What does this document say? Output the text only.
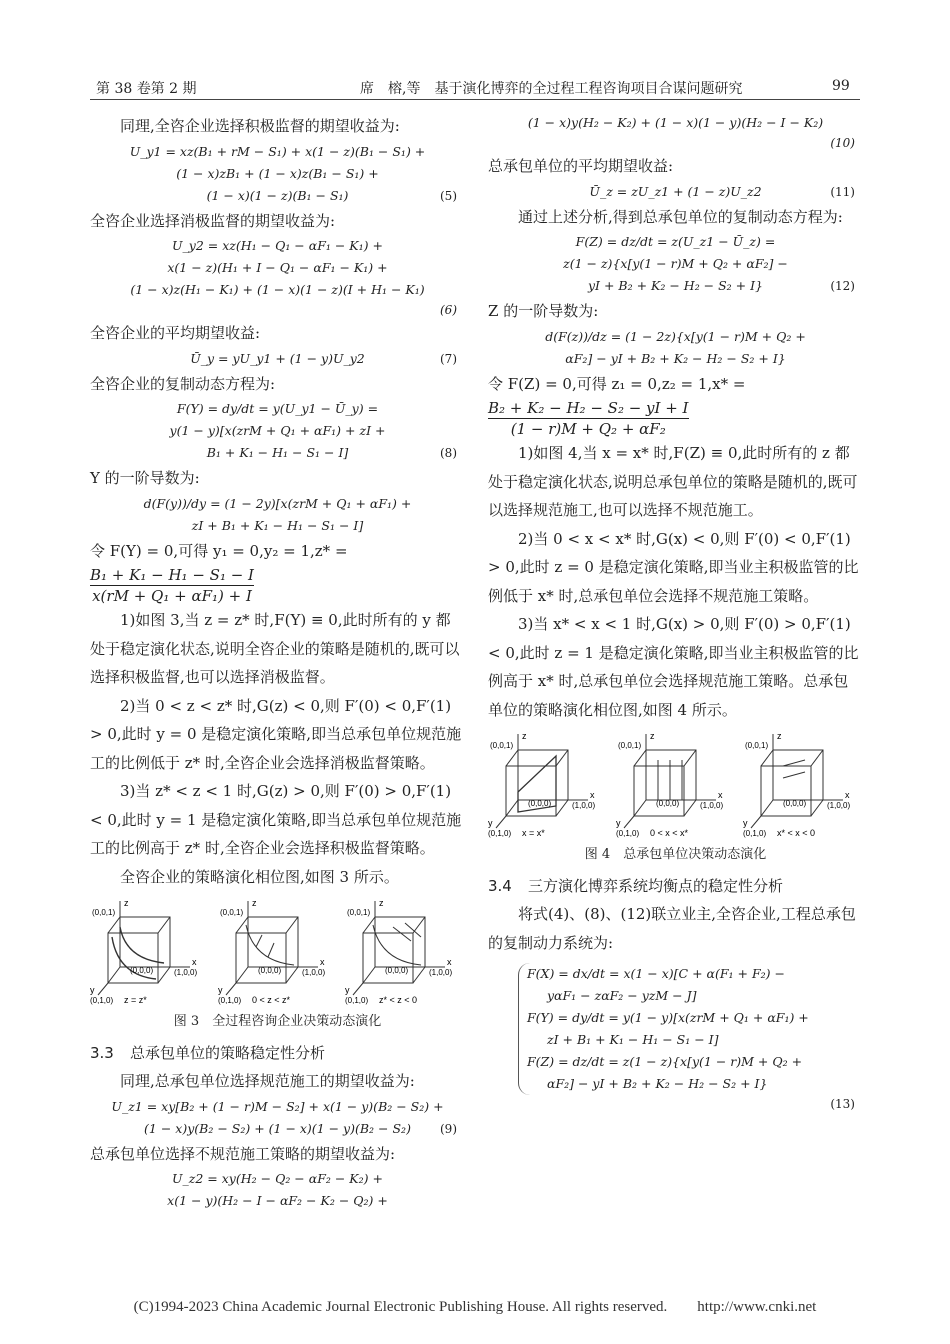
第 38 卷第 2 期	席　榕,等　 基于演化博弈的全过程工程咨询项目合谋问题研究	99

同理,全咨企业选择积极监督的期望收益为:

U_y1 = xz(B₁ + rM − S₁) + x(1 − z)(B₁ − S₁) +
(1 − x)zB₁ + (1 − x)z(B₁ − S₁) +
(1 − x)(1 − z)(B₁ − S₁)	(5)

全咨企业选择消极监督的期望收益为:

U_y2 = xz(H₁ − Q₁ − αF₁ − K₁) +
x(1 − z)(H₁ + I − Q₁ − αF₁ − K₁) +
(1 − x)z(H₁ − K₁) + (1 − x)(1 − z)(I + H₁ − K₁)
(6)

全咨企业的平均期望收益:

Ū_y = yU_y1 + (1 − y)U_y2	(7)

全咨企业的复制动态方程为:

F(Y) = dy/dt = y(U_y1 − Ū_y) =
y(1 − y)[x(zrM + Q₁ + αF₁) + zI +
B₁ + K₁ − H₁ − S₁ − I]	(8)

Y 的一阶导数为:

d(F(y))/dy = (1 − 2y)[x(zrM + Q₁ + αF₁) +
zI + B₁ + K₁ − H₁ − S₁ − I]

令 F(Y) = 0,可得 y₁ = 0,y₂ = 1,z* =

$\frac{\text{B₁ + K₁ − H₁ − S₁ − I}}{\text{x(rM + Q₁ + αF₁) + I}}$

1)如图 3,当 z = z* 时,F(Y) ≡ 0,此时所有的 y 都处于稳定演化状态,说明全咨企业的策略是随机的,既可以选择积极监督,也可以选择消极监督。

2)当 0 < z < z* 时,G(z) < 0,则 F′(0) < 0,F′(1) > 0,此时 y = 0 是稳定演化策略,即当总承包单位规范施工的比例低于 z* 时,全咨企业会选择消极监督策略。

3)当 z* < z < 1 时,G(z) > 0,则 F′(0) > 0,F′(1) < 0,此时 y = 1 是稳定演化策略,即当总承包单位规范施工的比例高于 z* 时,全咨企业会选择积极监督策略。

全咨企业的策略演化相位图,如图 3 所示。

(0,0,1)
z
(0,0,0)	(1,0,0)
x
y
(0,1,0) z = z*
(0,0,1)
z
(0,0,0)	(1,0,0)
x
y
(0,1,0) 0 < z < z*
(0,0,1)
z
(0,0,0)	(1,0,0)
x
y
(0,1,0) z* < z < 0
图 3　全过程咨询企业决策动态演化
3.3 总承包单位的策略稳定性分析

同理,总承包单位选择规范施工的期望收益为:

U_z1 = xy[B₂ + (1 − r)M − S₂] + x(1 − y)(B₂ − S₂) +
(1 − x)y(B₂ − S₂) + (1 − x)(1 − y)(B₂ − S₂) (9)

总承包单位选择不规范施工策略的期望收益为:

U_z2 = xy(H₂ − Q₂ − αF₂ − K₂) +
x(1 − y)(H₂ − I − αF₂ − K₂ − Q₂) +
(1 − x)y(H₂ − K₂) + (1 − x)(1 − y)(H₂ − I − K₂)
(10)

总承包单位的平均期望收益:

Ū_z = zU_z1 + (1 − z)U_z2	(11)

通过上述分析,得到总承包单位的复制动态方程为:

F(Z) = dz/dt = z(U_z1 − Ū_z) =
z(1 − z){x[y(1 − r)M + Q₂ + αF₂] −
yI + B₂ + K₂ − H₂ − S₂ + I}	(12)

Z 的一阶导数为:

d(F(z))/dz = (1 − 2z){x[y(1 − r)M + Q₂ +
αF₂] − yI + B₂ + K₂ − H₂ − S₂ + I}

令 F(Z) = 0,可得 z₁ = 0,z₂ = 1,x* =

$\frac{\text{B₂ + K₂ − H₂ − S₂ − yI + I}}{\text{(1 − r)M + Q₂ + αF₂}}$

1)如图 4,当 x = x* 时,F(Z) ≡ 0,此时所有的 z 都处于稳定演化状态,说明总承包单位的策略是随机的,既可以选择规范施工,也可以选择不规范施工。

2)当 0 < x < x* 时,G(x) < 0,则 F′(0) < 0,F′(1) > 0,此时 z = 0 是稳定演化策略,即当业主积极监管的比例低于 x* 时,总承包单位会选择不规范施工策略。

3)当 x* < x < 1 时,G(x) > 0,则 F′(0) > 0,F′(1) < 0,此时 z = 1 是稳定演化策略,即当业主积极监管的比例高于 x* 时,总承包单位会选择规范施工策略。总承包单位的策略演化相位图,如图 4 所示。

(0,0,1)
z
(0,0,0)	(1,0,0)
x
y
(0,1,0) x = x*
(0,0,1)
z
(0,0,0)	(1,0,0)
x
y
(0,1,0) 0 < x < x*
(0,0,1)
z
(0,0,0)	(1,0,0)
x
y
(0,1,0) x* < x < 0
图 4　总承包单位决策动态演化
3.4 三方演化博弈系统均衡点的稳定性分析

将式(4)、(8)、(12)联立业主,全咨企业,工程总承包的复制动力系统为:

F(X) = dx/dt = x(1 − x)[C + α(F₁ + F₂) −
yαF₁ − zαF₂ − yzM − J]
F(Y) = dy/dt = y(1 − y)[x(zrM + Q₁ + αF₁) +
zI + B₁ + K₁ − H₁ − S₁ − I]
F(Z) = dz/dt = z(1 − z){x[y(1 − r)M + Q₂ +
αF₂] − yI + B₂ + K₂ − H₂ − S₂ + I}
(13)
(C)1994-2023 China Academic Journal Electronic Publishing House. All rights reserved.　　http://www.cnki.net
